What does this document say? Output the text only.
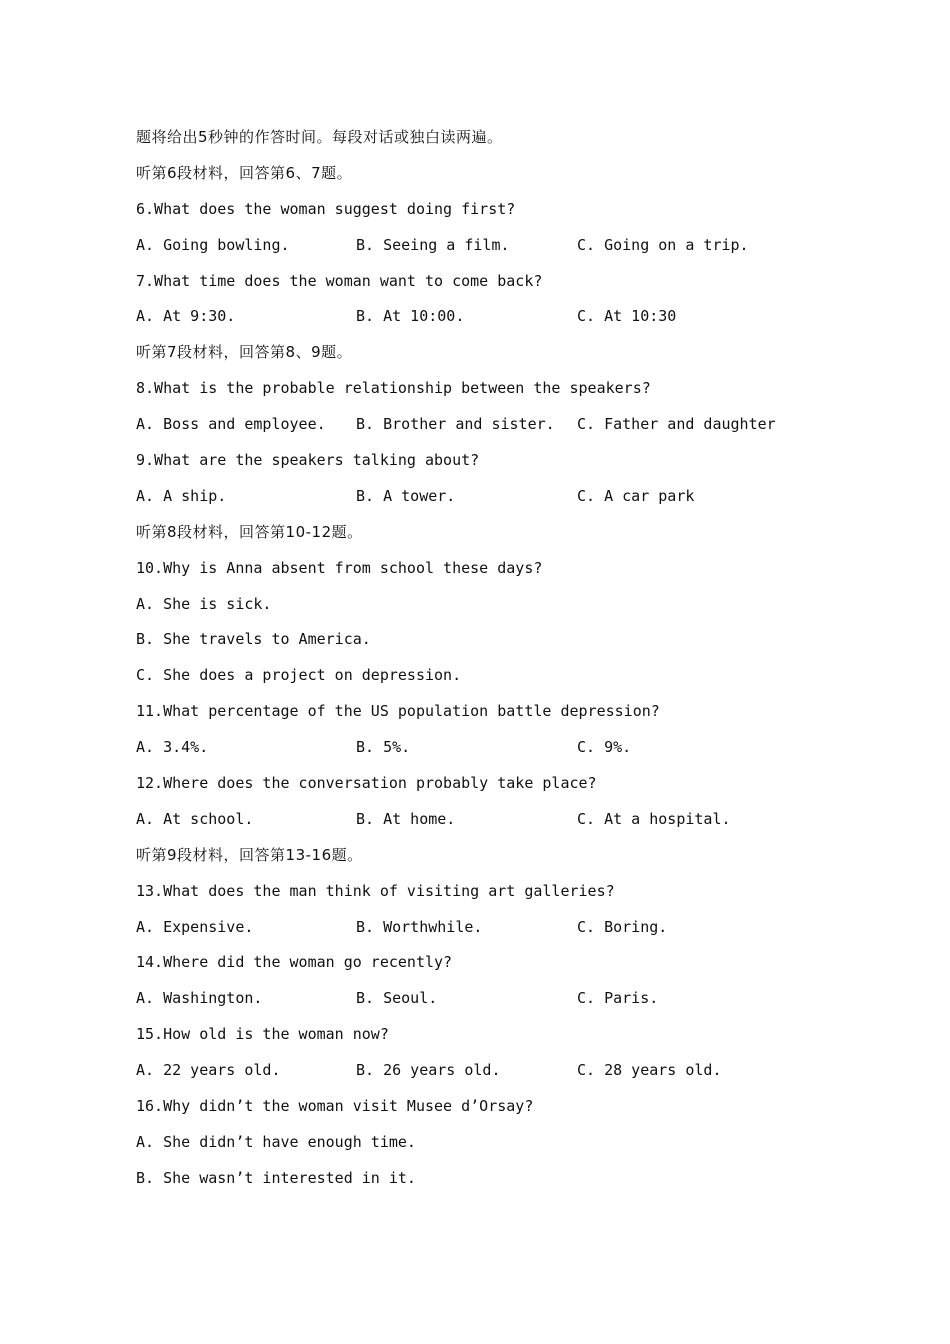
题将给出5秒钟的作答时间。每段对话或独白读两遍。
听第6段材料，回答第6、7题。
6.What does the woman suggest doing first?
A. Going bowling.	B. Seeing a film.	C. Going on a trip.
7.What time does the woman want to come back?
A. At 9:30.	B. At 10:00.	C. At 10:30
听第7段材料，回答第8、9题。
8.What is the probable relationship between the speakers?
A. Boss and employee. B. Brother and sister. C. Father and daughter
9.What are the speakers talking about?
A. A ship.	B. A tower.	C. A car park
听第8段材料，回答第10-12题。
10.Why is Anna absent from school these days?
A. She is sick.
B. She travels to America.
C. She does a project on depression.
11.What percentage of the US population battle depression?
A. 3.4%.	B. 5%.	C. 9%.
12.Where does the conversation probably take place?
A. At school.	B. At home.	C. At a hospital.
听第9段材料，回答第13-16题。
13.What does the man think of visiting art galleries?
A. Expensive.	B. Worthwhile.	C. Boring.
14.Where did the woman go recently?
A. Washington.	B. Seoul.	C. Paris.
15.How old is the woman now?
A. 22 years old.	B. 26 years old.	C. 28 years old.
16.Why didn’t the woman visit Musee d’Orsay?
A. She didn’t have enough time.
B. She wasn’t interested in it.
